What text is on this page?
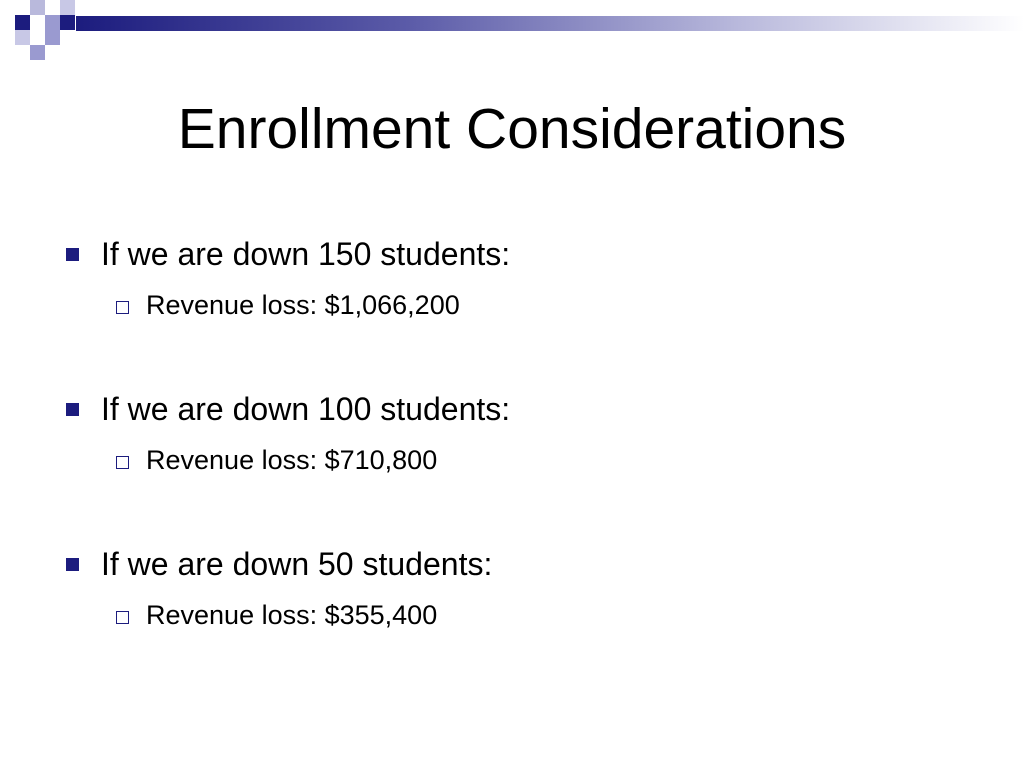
Enrollment Considerations
If we are down 150 students:
Revenue loss: $1,066,200
If we are down 100 students:
Revenue loss: $710,800
If we are down 50 students:
Revenue loss: $355,400
